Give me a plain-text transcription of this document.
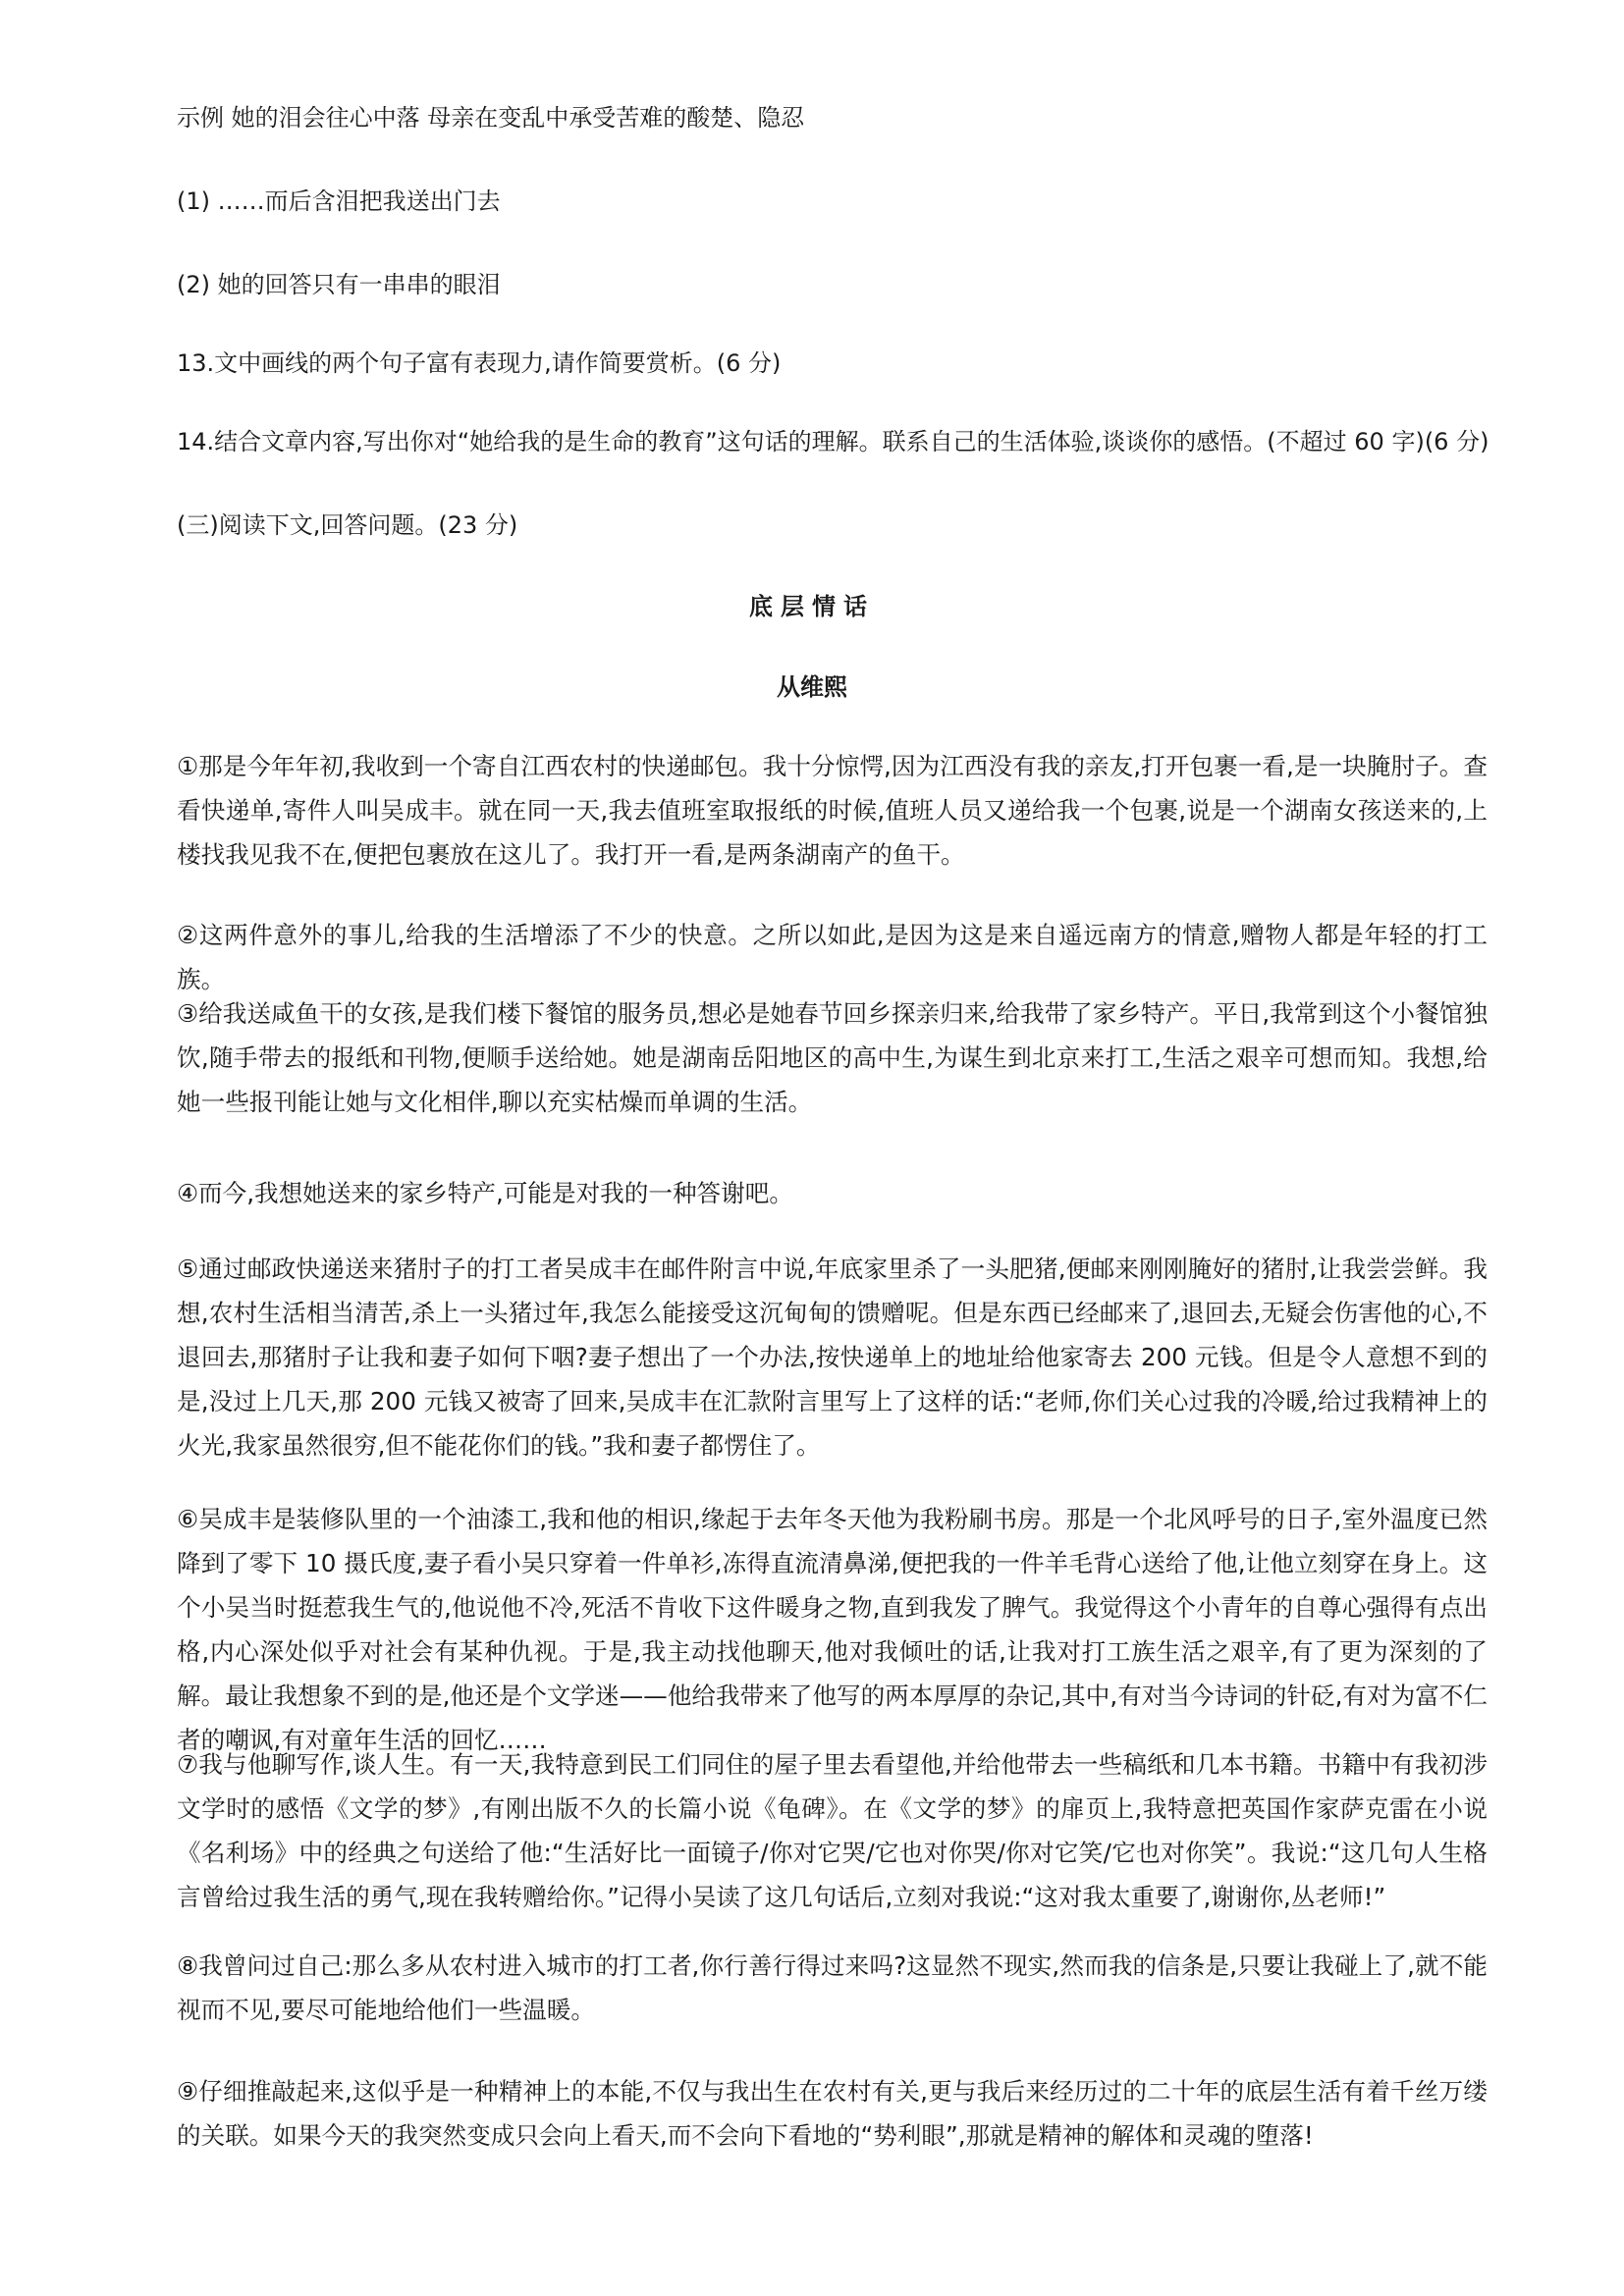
示例 她的泪会往心中落 母亲在变乱中承受苦难的酸楚、隐忍
(1) ……而后含泪把我送出门去
(2) 她的回答只有一串串的眼泪
13.文中画线的两个句子富有表现力,请作简要赏析。(6 分)
14.结合文章内容,写出你对“她给我的是生命的教育”这句话的理解。联系自己的生活体验,谈谈你的感悟。(不超过 60 字)(6 分)
(三)阅读下文,回答问题。(23 分)
底层情话
从维熙

①那是今年年初,我收到一个寄自江西农村的快递邮包。我十分惊愕,因为江西没有我的亲友,打开包裹一看,是一块腌肘子。查看快递单,寄件人叫吴成丰。就在同一天,我去值班室取报纸的时候,值班人员又递给我一个包裹,说是一个湖南女孩送来的,上楼找我见我不在,便把包裹放在这儿了。我打开一看,是两条湖南产的鱼干。

②这两件意外的事儿,给我的生活增添了不少的快意。之所以如此,是因为这是来自遥远南方的情意,赠物人都是年轻的打工族。

③给我送咸鱼干的女孩,是我们楼下餐馆的服务员,想必是她春节回乡探亲归来,给我带了家乡特产。平日,我常到这个小餐馆独饮,随手带去的报纸和刊物,便顺手送给她。她是湖南岳阳地区的高中生,为谋生到北京来打工,生活之艰辛可想而知。我想,给她一些报刊能让她与文化相伴,聊以充实枯燥而单调的生活。

④而今,我想她送来的家乡特产,可能是对我的一种答谢吧。

⑤通过邮政快递送来猪肘子的打工者吴成丰在邮件附言中说,年底家里杀了一头肥猪,便邮来刚刚腌好的猪肘,让我尝尝鲜。我想,农村生活相当清苦,杀上一头猪过年,我怎么能接受这沉甸甸的馈赠呢。但是东西已经邮来了,退回去,无疑会伤害他的心,不退回去,那猪肘子让我和妻子如何下咽?妻子想出了一个办法,按快递单上的地址给他家寄去 200 元钱。但是令人意想不到的是,没过上几天,那 200 元钱又被寄了回来,吴成丰在汇款附言里写上了这样的话:“老师,你们关心过我的冷暖,给过我精神上的火光,我家虽然很穷,但不能花你们的钱。”我和妻子都愣住了。

⑥吴成丰是装修队里的一个油漆工,我和他的相识,缘起于去年冬天他为我粉刷书房。那是一个北风呼号的日子,室外温度已然降到了零下 10 摄氏度,妻子看小吴只穿着一件单衫,冻得直流清鼻涕,便把我的一件羊毛背心送给了他,让他立刻穿在身上。这个小吴当时挺惹我生气的,他说他不冷,死活不肯收下这件暖身之物,直到我发了脾气。我觉得这个小青年的自尊心强得有点出格,内心深处似乎对社会有某种仇视。于是,我主动找他聊天,他对我倾吐的话,让我对打工族生活之艰辛,有了更为深刻的了解。最让我想象不到的是,他还是个文学迷——他给我带来了他写的两本厚厚的杂记,其中,有对当今诗词的针砭,有对为富不仁者的嘲讽,有对童年生活的回忆……

⑦我与他聊写作,谈人生。有一天,我特意到民工们同住的屋子里去看望他,并给他带去一些稿纸和几本书籍。书籍中有我初涉文学时的感悟《文学的梦》,有刚出版不久的长篇小说《龟碑》。在《文学的梦》的扉页上,我特意把英国作家萨克雷在小说《名利场》中的经典之句送给了他:“生活好比一面镜子/你对它哭/它也对你哭/你对它笑/它也对你笑”。我说:“这几句人生格言曾给过我生活的勇气,现在我转赠给你。”记得小吴读了这几句话后,立刻对我说:“这对我太重要了,谢谢你,丛老师!”

⑧我曾问过自己:那么多从农村进入城市的打工者,你行善行得过来吗?这显然不现实,然而我的信条是,只要让我碰上了,就不能视而不见,要尽可能地给他们一些温暖。

⑨仔细推敲起来,这似乎是一种精神上的本能,不仅与我出生在农村有关,更与我后来经历过的二十年的底层生活有着千丝万缕的关联。如果今天的我突然变成只会向上看天,而不会向下看地的“势利眼”,那就是精神的解体和灵魂的堕落!
